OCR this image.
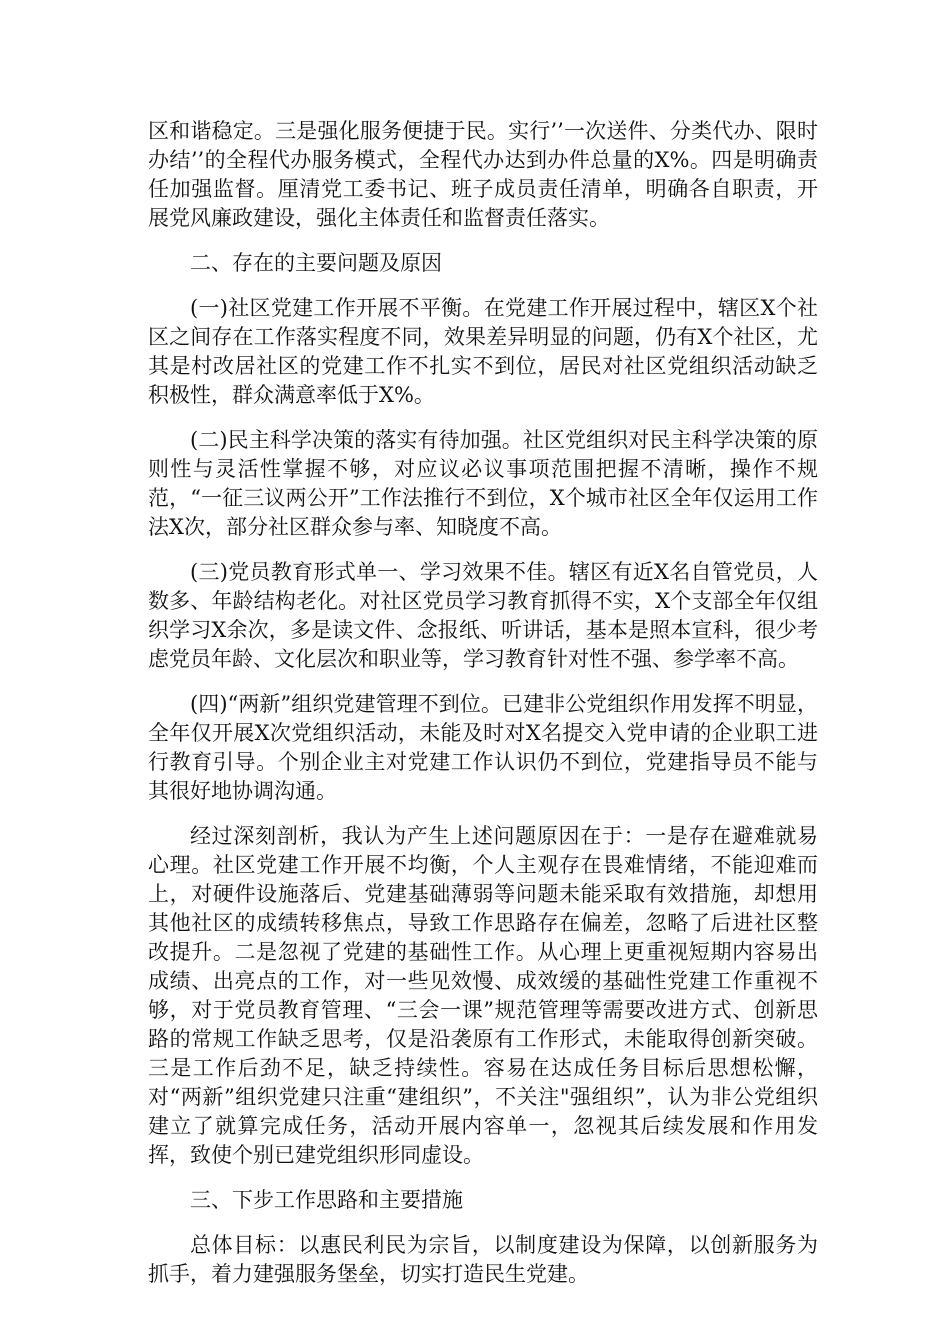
区和谐稳定。三是强化服务便捷于民。实行’’一次送件、分类代办、限时办结’’的全程代办服务模式，全程代办达到办件总量的X%。四是明确责任加强监督。厘清党工委书记、班子成员责任清单，明确各自职责，开展党风廉政建设，强化主体责任和监督责任落实。

二、存在的主要问题及原因

(一)社区党建工作开展不平衡。在党建工作开展过程中，辖区X个社区之间存在工作落实程度不同，效果差异明显的问题，仍有X个社区，尤其是村改居社区的党建工作不扎实不到位，居民对社区党组织活动缺乏积极性，群众满意率低于X%。

(二)民主科学决策的落实有待加强。社区党组织对民主科学决策的原则性与灵活性掌握不够，对应议必议事项范围把握不清晰，操作不规范，“一征三议两公开”工作法推行不到位，X个城市社区全年仅运用工作法X次，部分社区群众参与率、知晓度不高。

(三)党员教育形式单一、学习效果不佳。辖区有近X名自管党员，人数多、年龄结构老化。对社区党员学习教育抓得不实，X个支部全年仅组织学习X余次，多是读文件、念报纸、听讲话，基本是照本宣科，很少考虑党员年龄、文化层次和职业等，学习教育针对性不强、参学率不高。

(四)“两新”组织党建管理不到位。已建非公党组织作用发挥不明显，全年仅开展X次党组织活动，未能及时对X名提交入党申请的企业职工进行教育引导。个别企业主对党建工作认识仍不到位，党建指导员不能与其很好地协调沟通。

经过深刻剖析，我认为产生上述问题原因在于：一是存在避难就易心理。社区党建工作开展不均衡，个人主观存在畏难情绪，不能迎难而上，对硬件设施落后、党建基础薄弱等问题未能采取有效措施，却想用其他社区的成绩转移焦点，导致工作思路存在偏差，忽略了后进社区整改提升。二是忽视了党建的基础性工作。从心理上更重视短期内容易出成绩、出亮点的工作，对一些见效慢、成效缓的基础性党建工作重视不够，对于党员教育管理、“三会一课”规范管理等需要改进方式、创新思路的常规工作缺乏思考，仅是沿袭原有工作形式，未能取得创新突破。三是工作后劲不足，缺乏持续性。容易在达成任务目标后思想松懈，对“两新”组织党建只注重“建组织”，不关注"强组织”，认为非公党组织建立了就算完成任务，活动开展内容单一，忽视其后续发展和作用发挥，致使个别已建党组织形同虚设。

三、下步工作思路和主要措施

总体目标：以惠民利民为宗旨，以制度建设为保障，以创新服务为抓手，着力建强服务堡垒，切实打造民生党建。
